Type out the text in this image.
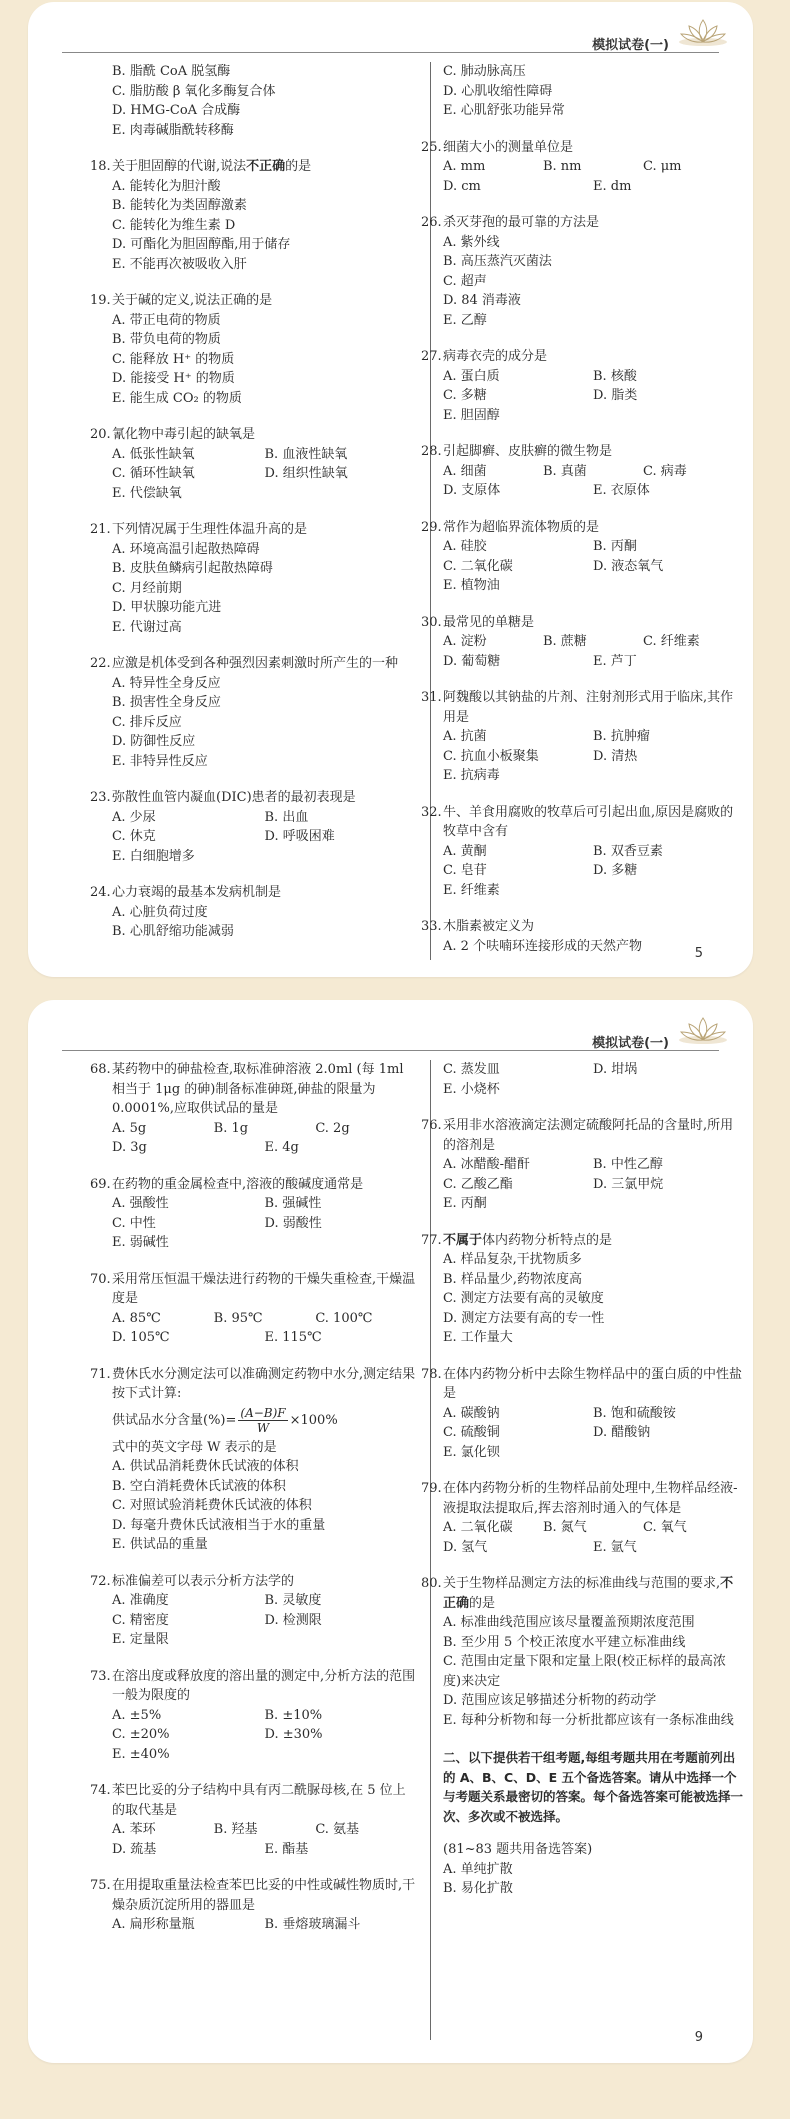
模拟试卷(一)
B. 脂酰 CoA 脱氢酶
C. 脂肪酸 β 氧化多酶复合体
D. HMG-CoA 合成酶
E. 肉毒碱脂酰转移酶
18. 关于胆固醇的代谢,说法不正确的是
A. 能转化为胆汁酸
B. 能转化为类固醇激素
C. 能转化为维生素 D
D. 可酯化为胆固醇酯,用于储存
E. 不能再次被吸收入肝
19. 关于碱的定义,说法正确的是
A. 带正电荷的物质
B. 带负电荷的物质
C. 能释放 H⁺ 的物质
D. 能接受 H⁺ 的物质
E. 能生成 CO₂ 的物质
20. 氰化物中毒引起的缺氧是
A. 低张性缺氧	B. 血液性缺氧
C. 循环性缺氧	D. 组织性缺氧
E. 代偿缺氧
21. 下列情况属于生理性体温升高的是
A. 环境高温引起散热障碍
B. 皮肤鱼鳞病引起散热障碍
C. 月经前期
D. 甲状腺功能亢进
E. 代谢过高
22. 应激是机体受到各种强烈因素刺激时所产生的一种
A. 特异性全身反应
B. 损害性全身反应
C. 排斥反应
D. 防御性反应
E. 非特异性反应
23. 弥散性血管内凝血(DIC)患者的最初表现是
A. 少尿	B. 出血
C. 休克	D. 呼吸困难
E. 白细胞增多
24. 心力衰竭的最基本发病机制是
A. 心脏负荷过度
B. 心肌舒缩功能减弱
C. 肺动脉高压
D. 心肌收缩性障碍
E. 心肌舒张功能异常
25. 细菌大小的测量单位是
A. mm	B. nm	C. μm
D. cm	E. dm
26. 杀灭芽孢的最可靠的方法是
A. 紫外线
B. 高压蒸汽灭菌法
C. 超声
D. 84 消毒液
E. 乙醇
27. 病毒衣壳的成分是
A. 蛋白质	B. 核酸
C. 多糖	D. 脂类
E. 胆固醇
28. 引起脚癣、皮肤癣的微生物是
A. 细菌	B. 真菌	C. 病毒
D. 支原体	E. 衣原体
29. 常作为超临界流体物质的是
A. 硅胶	B. 丙酮
C. 二氧化碳	D. 液态氧气
E. 植物油
30. 最常见的单糖是
A. 淀粉	B. 蔗糖	C. 纤维素
D. 葡萄糖	E. 芦丁
31. 阿魏酸以其钠盐的片剂、注射剂形式用于临床,其作用是
A. 抗菌	B. 抗肿瘤
C. 抗血小板聚集	D. 清热
E. 抗病毒
32. 牛、羊食用腐败的牧草后可引起出血,原因是腐败的牧草中含有
A. 黄酮	B. 双香豆素
C. 皂苷	D. 多糖
E. 纤维素
33. 木脂素被定义为
A. 2 个呋喃环连接形成的天然产物	5
模拟试卷(一)
68. 某药物中的砷盐检查,取标准砷溶液 2.0ml (每 1ml 相当于 1μg 的砷)制备标准砷斑,砷盐的限量为 0.0001%,应取供试品的量是
A. 5g	B. 1g	C. 2g
D. 3g	E. 4g
69. 在药物的重金属检查中,溶液的酸碱度通常是
A. 强酸性	B. 强碱性
C. 中性	D. 弱酸性
E. 弱碱性
70. 采用常压恒温干燥法进行药物的干燥失重检查,干燥温度是
A. 85℃	B. 95℃	C. 100℃
D. 105℃	E. 115℃
71. 费休氏水分测定法可以准确测定药物中水分,测定结果按下式计算:
供试品水分含量(%)= $\frac{(A-B)F}{W} \times 100\%$
式中的英文字母 W 表示的是
A. 供试品消耗费休氏试液的体积
B. 空白消耗费休氏试液的体积
C. 对照试验消耗费休氏试液的体积
D. 每毫升费休氏试液相当于水的重量
E. 供试品的重量
72. 标准偏差可以表示分析方法学的
A. 准确度	B. 灵敏度
C. 精密度	D. 检测限
E. 定量限
73. 在溶出度或释放度的溶出量的测定中,分析方法的范围一般为限度的
A. ±5%	B. ±10%
C. ±20%	D. ±30%
E. ±40%
74. 苯巴比妥的分子结构中具有丙二酰脲母核,在 5 位上的取代基是
A. 苯环	B. 羟基	C. 氨基
D. 巯基	E. 酯基
75. 在用提取重量法检查苯巴比妥的中性或碱性物质时,干燥杂质沉淀所用的器皿是
A. 扁形称量瓶	B. 垂熔玻璃漏斗
C. 蒸发皿	D. 坩埚
E. 小烧杯
76. 采用非水溶液滴定法测定硫酸阿托品的含量时,所用的溶剂是
A. 冰醋酸-醋酐	B. 中性乙醇
C. 乙酸乙酯	D. 三氯甲烷
E. 丙酮
77. 不属于体内药物分析特点的是
A. 样品复杂,干扰物质多
B. 样品量少,药物浓度高
C. 测定方法要有高的灵敏度
D. 测定方法要有高的专一性
E. 工作量大
78. 在体内药物分析中去除生物样品中的蛋白质的中性盐是
A. 碳酸钠	B. 饱和硫酸铵
C. 硫酸铜	D. 醋酸钠
E. 氯化钡
79. 在体内药物分析的生物样品前处理中,生物样品经液-液提取法提取后,挥去溶剂时通入的气体是
A. 二氧化碳	B. 氮气	C. 氧气
D. 氢气	E. 氩气
80. 关于生物样品测定方法的标准曲线与范围的要求,不正确的是
A. 标准曲线范围应该尽量覆盖预期浓度范围
B. 至少用 5 个校正浓度水平建立标准曲线
C. 范围由定量下限和定量上限(校正标样的最高浓度)来决定
D. 范围应该足够描述分析物的药动学
E. 每种分析物和每一分析批都应该有一条标准曲线
二、以下提供若干组考题,每组考题共用在考题前列出的 A、B、C、D、E 五个备选答案。请从中选择一个与考题关系最密切的答案。每个备选答案可能被选择一次、多次或不被选择。
(81~83 题共用备选答案)
A. 单纯扩散
B. 易化扩散
9
